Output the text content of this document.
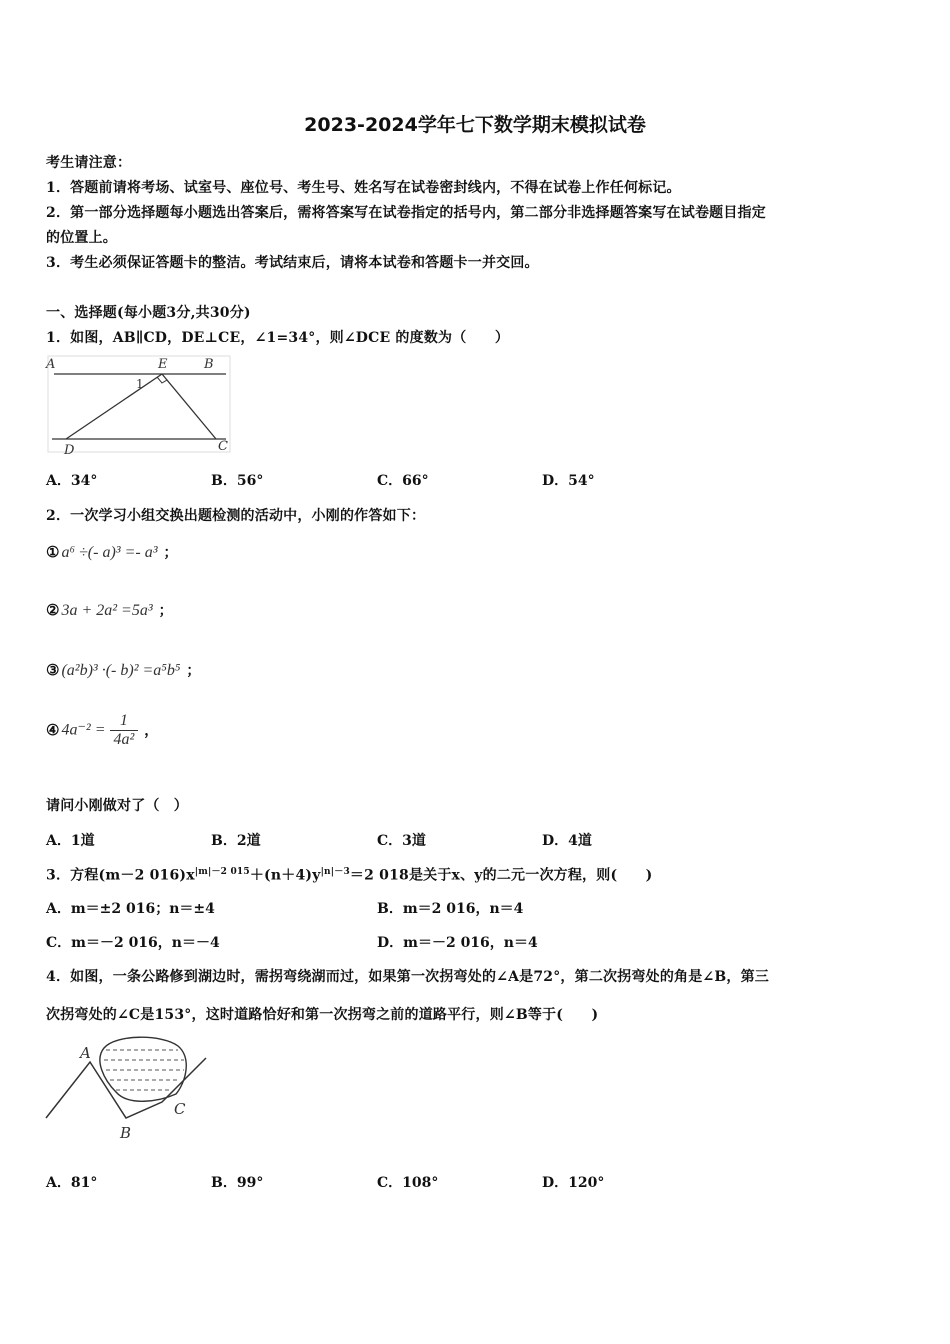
2023-2024学年七下数学期末模拟试卷
考生请注意：
1．答题前请将考场、试室号、座位号、考生号、姓名写在试卷密封线内，不得在试卷上作任何标记。
2．第一部分选择题每小题选出答案后，需将答案写在试卷指定的括号内，第二部分非选择题答案写在试卷题目指定
的位置上。
3．考生必须保证答题卡的整洁。考试结束后，请将本试卷和答题卡一并交回。
一、选择题(每小题3分,共30分)
1．如图，AB∥CD，DE⊥CE，∠1=34°，则∠DCE 的度数为（　　）
A	E	B
1
D	C
A．34°	B．56°	C．66°	D．54°
2．一次学习小组交换出题检测的活动中，小刚的作答如下：
① a⁶ ÷(- a)³ =- a³ ；
② 3a + 2a² =5a³ ；
③ (a²b)³ ·(- b)² =a⁵b⁵ ；
④ $4a^{-2} = \frac{1}{\text{4a²}}$ ，
请问小刚做对了（　）
A．1道	B．2道	C．3道	D．4道
3．方程(m－2 $016)x^{|m|-2 015}+(n+4)y^{|n|-3}=2$ 018是关于x、y的二元一次方程，则(　　)
A．m＝±2 016；n＝±4	B．m＝2 016，n＝4
C．m＝－2 016，n＝－4	D．m＝－2 016，n＝4
4．如图，一条公路修到湖边时，需拐弯绕湖而过，如果第一次拐弯处的∠A是72°，第二次拐弯处的角是∠B，第三
次拐弯处的∠C是153°，这时道路恰好和第一次拐弯之前的道路平行，则∠B等于(　　)
A
B
C
A．81°	B．99°	C．108°	D．120°
